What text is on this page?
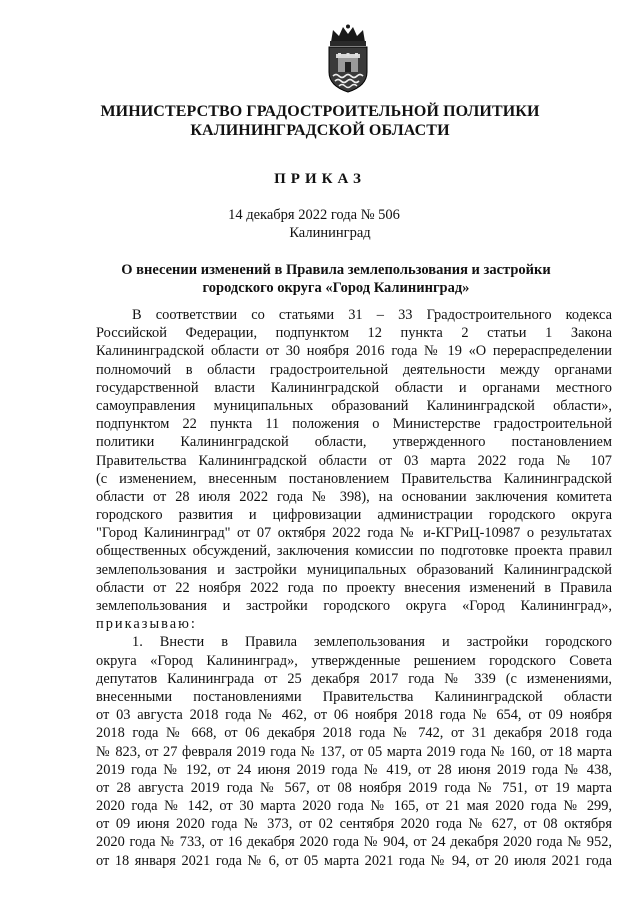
МИНИСТЕРСТВО ГРАДОСТРОИТЕЛЬНОЙ ПОЛИТИКИ
КАЛИНИНГРАДСКОЙ ОБЛАСТИ
ПРИКАЗ
14 декабря 2022 года № 506
Калининград
О внесении изменений в Правила землепользования и застройки
городского округа «Город Калининград»
В соответствии со статьями 31 – 33 Градостроительного кодекса
Российской Федерации, подпунктом 12 пункта 2 статьи 1 Закона
Калининградской области от 30 ноября 2016 года № 19 «О перераспределении
полномочий в области градостроительной деятельности между органами
государственной власти Калининградской области и органами местного
самоуправления муниципальных образований Калининградской области»,
подпунктом 22 пункта 11 положения о Министерстве градостроительной
политики Калининградской области, утвержденного постановлением
Правительства Калининградской области от 03 марта 2022 года № 107
(с изменением, внесенным постановлением Правительства Калининградской
области от 28 июля 2022 года № 398), на основании заключения комитета
городского развития и цифровизации администрации городского округа
"Город Калининград" от 07 октября 2022 года № и-КГРиЦ-10987 о результатах
общественных обсуждений, заключения комиссии по подготовке проекта правил
землепользования и застройки муниципальных образований Калининградской
области от 22 ноября 2022 года по проекту внесения изменений в Правила
землепользования и застройки городского округа «Город Калининград»,
приказываю:
1. Внести в Правила землепользования и застройки городского
округа «Город Калининград», утвержденные решением городского Совета
депутатов Калининграда от 25 декабря 2017 года № 339 (с изменениями,
внесенными постановлениями Правительства Калининградской области
от 03 августа 2018 года № 462, от 06 ноября 2018 года № 654, от 09 ноября
2018 года № 668, от 06 декабря 2018 года № 742, от 31 декабря 2018 года
№ 823, от 27 февраля 2019 года № 137, от 05 марта 2019 года № 160, от 18 марта
2019 года № 192, от 24 июня 2019 года № 419, от 28 июня 2019 года № 438,
от 28 августа 2019 года № 567, от 08 ноября 2019 года № 751, от 19 марта
2020 года № 142, от 30 марта 2020 года № 165, от 21 мая 2020 года № 299,
от 09 июня 2020 года № 373, от 02 сентября 2020 года № 627, от 08 октября
2020 года № 733, от 16 декабря 2020 года № 904, от 24 декабря 2020 года № 952,
от 18 января 2021 года № 6, от 05 марта 2021 года № 94, от 20 июля 2021 года
